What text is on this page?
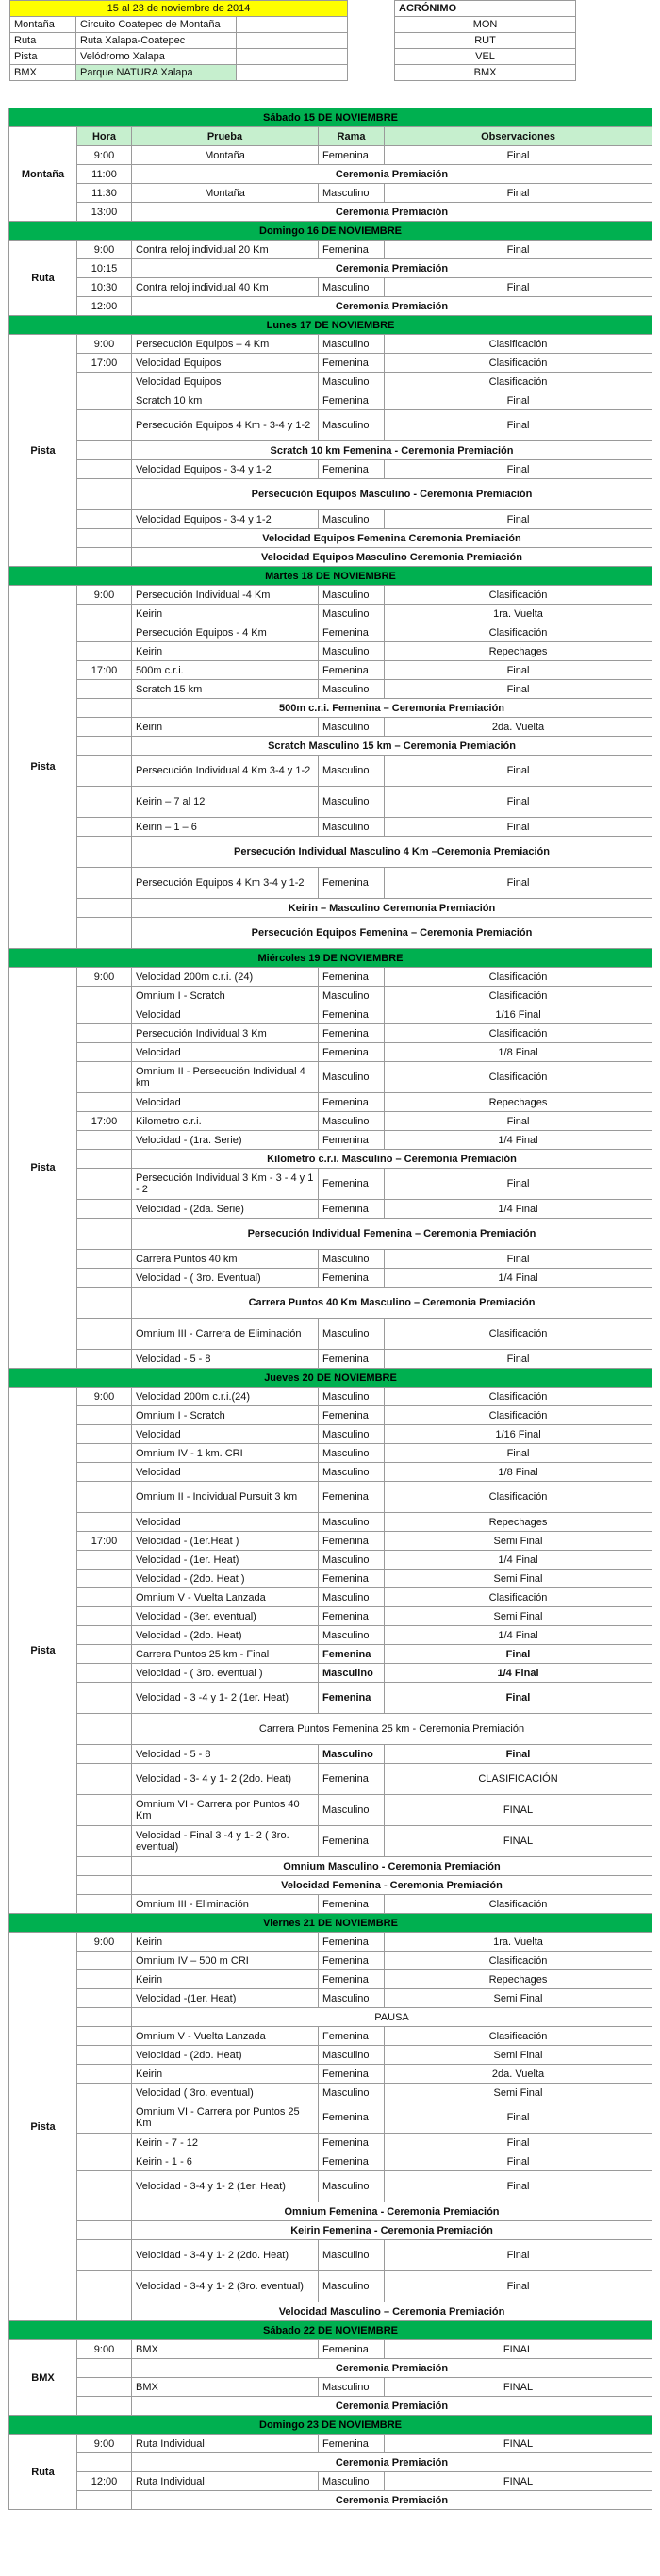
15 al 23 de noviembre de 2014				ACRÓNIMO
Montaña	Circuito Coatepec de Montaña			MON
Ruta	Ruta Xalapa-Coatepec			RUT
Pista	Velódromo Xalapa			VEL
BMX	Parque NATURA Xalapa			BMX
Sábado 15 DE NOVIEMBRE					
Montaña	Hora	Prueba	Rama	Observaciones	
	9:00	Montaña	Femenina	Final	
	11:00	Ceremonia Premiación			
	11:30	Montaña	Masculino	Final	
	13:00	Ceremonia Premiación			
Domingo 16 DE NOVIEMBRE					
Ruta	9:00	Contra reloj individual 20 Km	Femenina	Final	
	10:15	Ceremonia Premiación			
	10:30	Contra reloj individual 40 Km	Masculino	Final	
	12:00	Ceremonia Premiación			
Lunes 17 DE NOVIEMBRE					
Pista	9:00	Persecución Equipos – 4 Km	Masculino	Clasificación	
	17:00	Velocidad Equipos	Femenina	Clasificación	
		Velocidad Equipos	Masculino	Clasificación	
		Scratch 10 km	Femenina	Final	
		Persecución Equipos 4 Km - 3-4 y 1-2	Masculino	Final	
		Scratch 10 km Femenina - Ceremonia Premiación			
		Velocidad Equipos - 3-4 y 1-2	Femenina	Final	
		Persecución Equipos Masculino - Ceremonia Premiación			
		Velocidad Equipos - 3-4 y 1-2	Masculino	Final	
		Velocidad Equipos Femenina Ceremonia Premiación			
		Velocidad Equipos Masculino Ceremonia Premiación			
Martes 18 DE NOVIEMBRE					
Pista	9:00	Persecución Individual -4 Km	Masculino	Clasificación	
		Keirin	Masculino	1ra. Vuelta	
		Persecución Equipos - 4 Km	Femenina	Clasificación	
		Keirin	Masculino	Repechages	
	17:00	500m c.r.i.	Femenina	Final	
		Scratch 15 km	Masculino	Final	
		500m c.r.i. Femenina – Ceremonia Premiación			
		Keirin	Masculino	2da. Vuelta	
		Scratch Masculino 15 km – Ceremonia Premiación			
		Persecución Individual 4 Km 3-4 y 1-2	Masculino	Final	
		Keirin – 7 al 12	Masculino	Final	
		Keirin – 1 – 6	Masculino	Final	
		Persecución Individual Masculino 4 Km –Ceremonia Premiación			
		Persecución Equipos 4 Km 3-4 y 1-2	Femenina	Final	
		Keirin – Masculino Ceremonia Premiación			
		Persecución Equipos Femenina – Ceremonia Premiación			
Miércoles 19 DE NOVIEMBRE					
Pista	9:00	Velocidad 200m c.r.i. (24)	Femenina	Clasificación	
		Omnium I - Scratch	Masculino	Clasificación	
		Velocidad	Femenina	1/16 Final	
		Persecución Individual 3 Km	Femenina	Clasificación	
		Velocidad	Femenina	1/8 Final	
		Omnium II - Persecución Individual 4 km	Masculino	Clasificación	
		Velocidad	Femenina	Repechages	
	17:00	Kilometro c.r.i.	Masculino	Final	
		Velocidad - (1ra. Serie)	Femenina	1/4 Final	
		Kilometro c.r.i. Masculino – Ceremonia Premiación			
		Persecución Individual 3 Km - 3 - 4 y 1 - 2	Femenina	Final	
		Velocidad - (2da. Serie)	Femenina	1/4 Final	
		Persecución Individual Femenina – Ceremonia Premiación			
		Carrera Puntos 40 km	Masculino	Final	
		Velocidad - ( 3ro. Eventual)	Femenina	1/4 Final	
		Carrera Puntos 40 Km Masculino – Ceremonia Premiación			
		Omnium III - Carrera de Eliminación	Masculino	Clasificación	
		Velocidad - 5 - 8	Femenina	Final	
Jueves 20 DE NOVIEMBRE					
Pista	9:00	Velocidad 200m c.r.i.(24)	Masculino	Clasificación	
		Omnium I - Scratch	Femenina	Clasificación	
		Velocidad	Masculino	1/16 Final	
		Omnium IV - 1 km. CRI	Masculino	Final	
		Velocidad	Masculino	1/8 Final	
		Omnium II - Individual Pursuit 3 km	Femenina	Clasificación	
		Velocidad	Masculino	Repechages	
	17:00	Velocidad - (1er.Heat )	Femenina	Semi Final	
		Velocidad - (1er. Heat)	Masculino	1/4 Final	
		Velocidad - (2do. Heat )	Femenina	Semi Final	
		Omnium V - Vuelta Lanzada	Masculino	Clasificación	
		Velocidad - (3er. eventual)	Femenina	Semi Final	
		Velocidad - (2do. Heat)	Masculino	1/4 Final	
		Carrera Puntos 25 km - Final	Femenina	Final	
		Velocidad - ( 3ro. eventual )	Masculino	1/4 Final	
		Velocidad - 3 -4 y 1- 2 (1er. Heat)	Femenina	Final	
		Carrera Puntos Femenina 25 km - Ceremonia Premiación			
		Velocidad - 5 - 8	Masculino	Final	
		Velocidad - 3- 4 y 1- 2 (2do. Heat)	Femenina	CLASIFICACIÓN	
		Omnium VI - Carrera por Puntos 40 Km	Masculino	FINAL	
		Velocidad - Final 3 -4 y 1- 2 ( 3ro. eventual)	Femenina	FINAL	
		Omnium Masculino - Ceremonia Premiación			
		Velocidad Femenina - Ceremonia Premiación			
		Omnium III - Eliminación	Femenina	Clasificación	
Viernes 21 DE NOVIEMBRE					
Pista	9:00	Keirin	Femenina	1ra. Vuelta	
		Omnium IV – 500 m CRI	Femenina	Clasificación	
		Keirin	Femenina	Repechages	
		Velocidad -(1er. Heat)	Masculino	Semi Final	
		PAUSA			
		Omnium V - Vuelta Lanzada	Femenina	Clasificación	
		Velocidad - (2do. Heat)	Masculino	Semi Final	
		Keirin	Femenina	2da. Vuelta	
		Velocidad ( 3ro. eventual)	Masculino	Semi Final	
		Omnium VI - Carrera por Puntos 25 Km	Femenina	Final	
		Keirin - 7 - 12	Femenina	Final	
		Keirin - 1 - 6	Femenina	Final	
		Velocidad - 3-4 y 1- 2 (1er. Heat)	Masculino	Final	
		Omnium Femenina - Ceremonia Premiación			
		Keirin Femenina - Ceremonia Premiación			
		Velocidad - 3-4 y 1- 2 (2do. Heat)	Masculino	Final	
		Velocidad - 3-4 y 1- 2 (3ro. eventual)	Masculino	Final	
		Velocidad Masculino – Ceremonia Premiación			
Sábado 22 DE NOVIEMBRE					
BMX	9:00	BMX	Femenina	FINAL	
		Ceremonia Premiación			
		BMX	Masculino	FINAL	
		Ceremonia Premiación			
Domingo 23 DE NOVIEMBRE					
Ruta	9:00	Ruta Individual	Femenina	FINAL	
		Ceremonia Premiación			
	12:00	Ruta Individual	Masculino	FINAL	
		Ceremonia Premiación			
